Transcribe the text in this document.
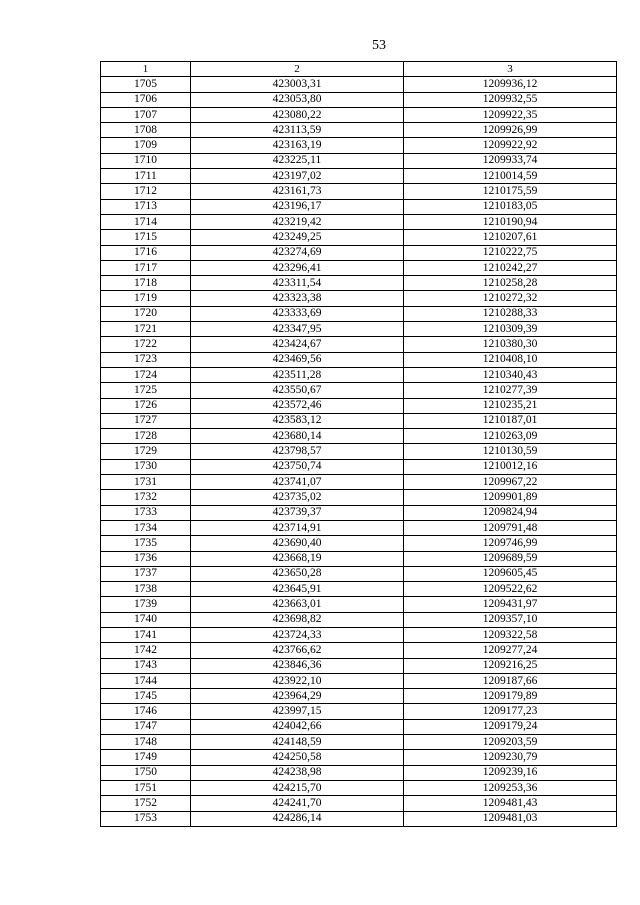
53
1	2	3
1705	423003,31	1209936,12
1706	423053,80	1209932,55
1707	423080,22	1209922,35
1708	423113,59	1209926,99
1709	423163,19	1209922,92
1710	423225,11	1209933,74
1711	423197,02	1210014,59
1712	423161,73	1210175,59
1713	423196,17	1210183,05
1714	423219,42	1210190,94
1715	423249,25	1210207,61
1716	423274,69	1210222,75
1717	423296,41	1210242,27
1718	423311,54	1210258,28
1719	423323,38	1210272,32
1720	423333,69	1210288,33
1721	423347,95	1210309,39
1722	423424,67	1210380,30
1723	423469,56	1210408,10
1724	423511,28	1210340,43
1725	423550,67	1210277,39
1726	423572,46	1210235,21
1727	423583,12	1210187,01
1728	423680,14	1210263,09
1729	423798,57	1210130,59
1730	423750,74	1210012,16
1731	423741,07	1209967,22
1732	423735,02	1209901,89
1733	423739,37	1209824,94
1734	423714,91	1209791,48
1735	423690,40	1209746,99
1736	423668,19	1209689,59
1737	423650,28	1209605,45
1738	423645,91	1209522,62
1739	423663,01	1209431,97
1740	423698,82	1209357,10
1741	423724,33	1209322,58
1742	423766,62	1209277,24
1743	423846,36	1209216,25
1744	423922,10	1209187,66
1745	423964,29	1209179,89
1746	423997,15	1209177,23
1747	424042,66	1209179,24
1748	424148,59	1209203,59
1749	424250,58	1209230,79
1750	424238,98	1209239,16
1751	424215,70	1209253,36
1752	424241,70	1209481,43
1753	424286,14	1209481,03
